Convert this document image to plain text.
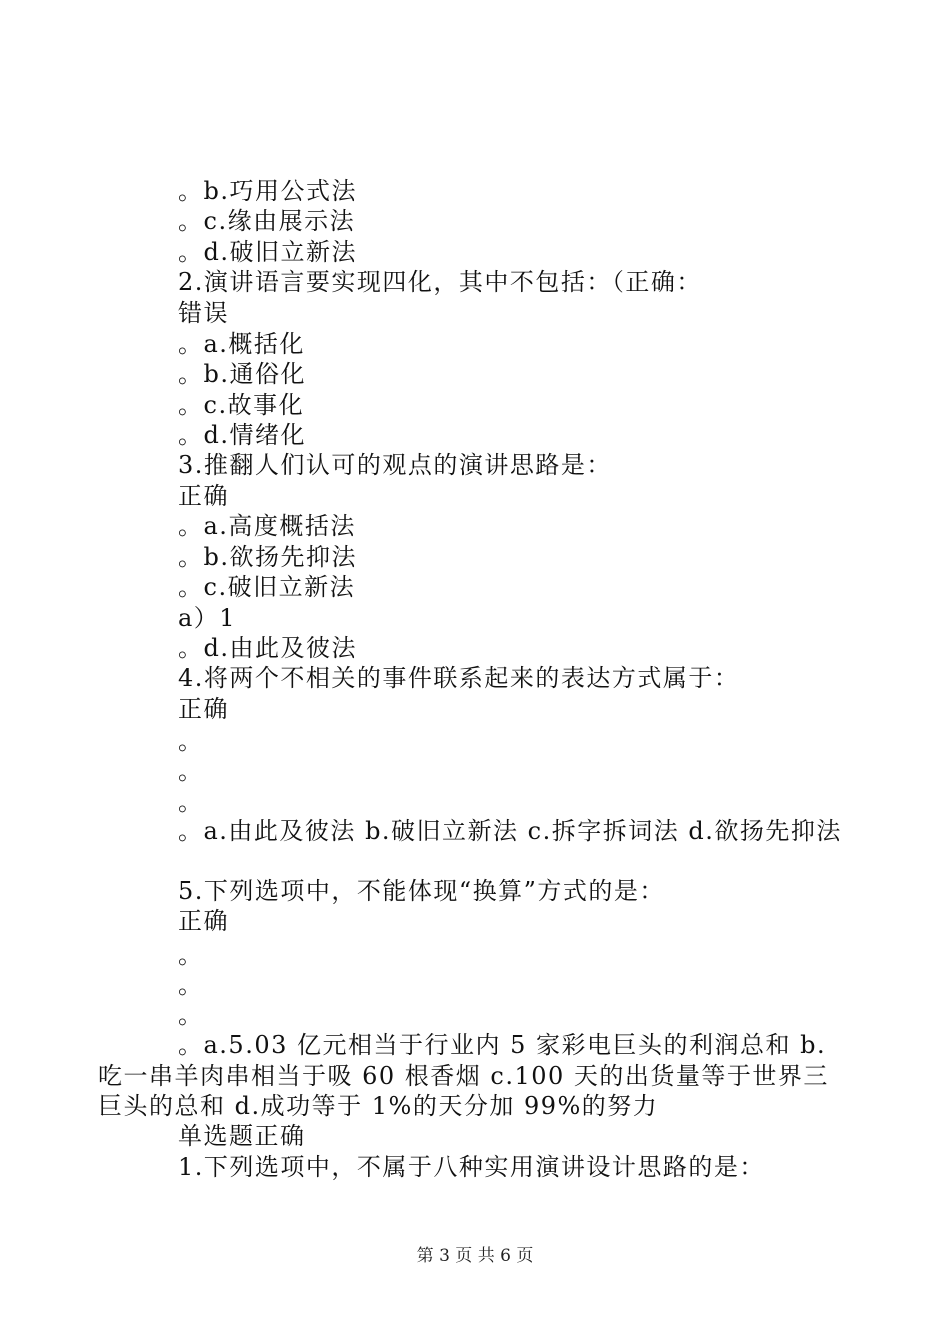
。b.巧用公式法
。c.缘由展示法
。d.破旧立新法
2.演讲语言要实现四化，其中不包括：（正确：
错误
。a.概括化
。b.通俗化
。c.故事化
。d.情绪化
3.推翻人们认可的观点的演讲思路是：
正确
。a.高度概括法
。b.欲扬先抑法
。c.破旧立新法
a）1
。d.由此及彼法
4.将两个不相关的事件联系起来的表达方式属于：
正确
。
。
。
。a.由此及彼法 b.破旧立新法 c.拆字拆词法 d.欲扬先抑法
5.下列选项中，不能体现“换算”方式的是：
正确
。
。
。
。a.5.03 亿元相当于行业内 5 家彩电巨头的利润总和 b.吃一串羊肉串相当于吸 60 根香烟 c.100 天的出货量等于世界三巨头的总和 d.成功等于 1%的天分加 99%的努力
单选题正确
1.下列选项中，不属于八种实用演讲设计思路的是：
第 3 页 共 6 页
